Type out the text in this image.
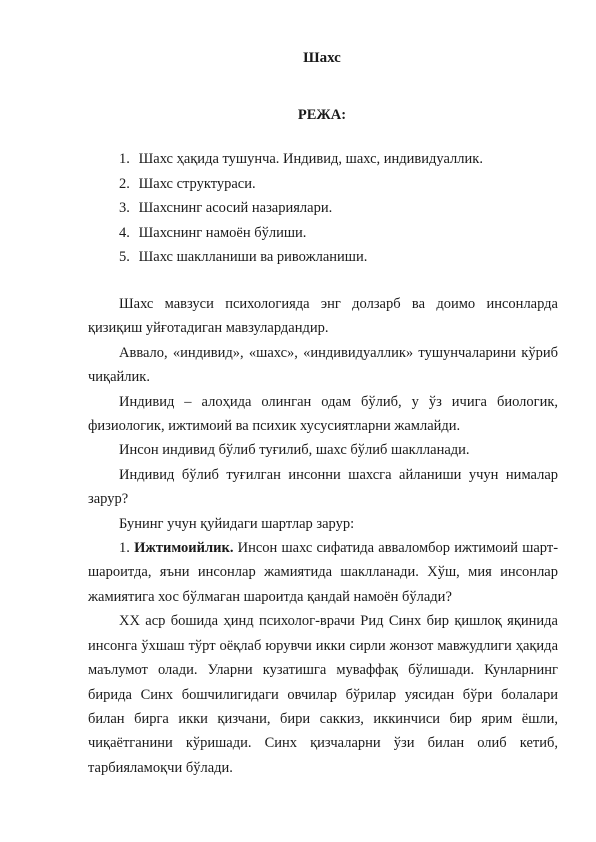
Шахс
РЕЖА:
1. Шахс ҳақида тушунча. Индивид, шахс, индивидуаллик.
2. Шахс структураси.
3. Шахснинг асосий назариялари.
4. Шахснинг намоён бўлиши.
5. Шахс шаклланиши ва ривожланиши.

Шахс мавзуси психологияда энг долзарб ва доимо инсонларда қизиқиш уйғотадиган мавзулардандир.

Аввало, «индивид», «шахс», «индивидуаллик» тушунчаларини кўриб чиқайлик.

Индивид – алоҳида олинган одам бўлиб, у ўз ичига биологик, физиологик, ижтимоий ва психик хусусиятларни жамлайди.

Инсон индивид бўлиб туғилиб, шахс бўлиб шаклланади.

Индивид бўлиб туғилган инсонни шахсга айланиши учун нималар зарур?

Бунинг учун қуйидаги шартлар зарур:

1. Ижтимоийлик. Инсон шахс сифатида авваломбор ижтимоий шарт-шароитда, яъни инсонлар жамиятида шаклланади. Хўш, мия инсонлар жамиятига хос бўлмаган шароитда қандай намоён бўлади?

XX аср бошида ҳинд психолог-врачи Рид Синх бир қишлоқ яқинида инсонга ўхшаш тўрт оёқлаб юрувчи икки сирли жонзот мавжудлиги ҳақида маълумот олади. Уларни кузатишга муваффақ бўлишади. Кунларнинг бирида Синх бошчилигидаги овчилар бўрилар уясидан бўри болалари билан бирга икки қизчани, бири саккиз, иккинчиси бир ярим ёшли, чиқаётганини кўришади. Синх қизчаларни ўзи билан олиб кетиб, тарбияламоқчи бўлади.
